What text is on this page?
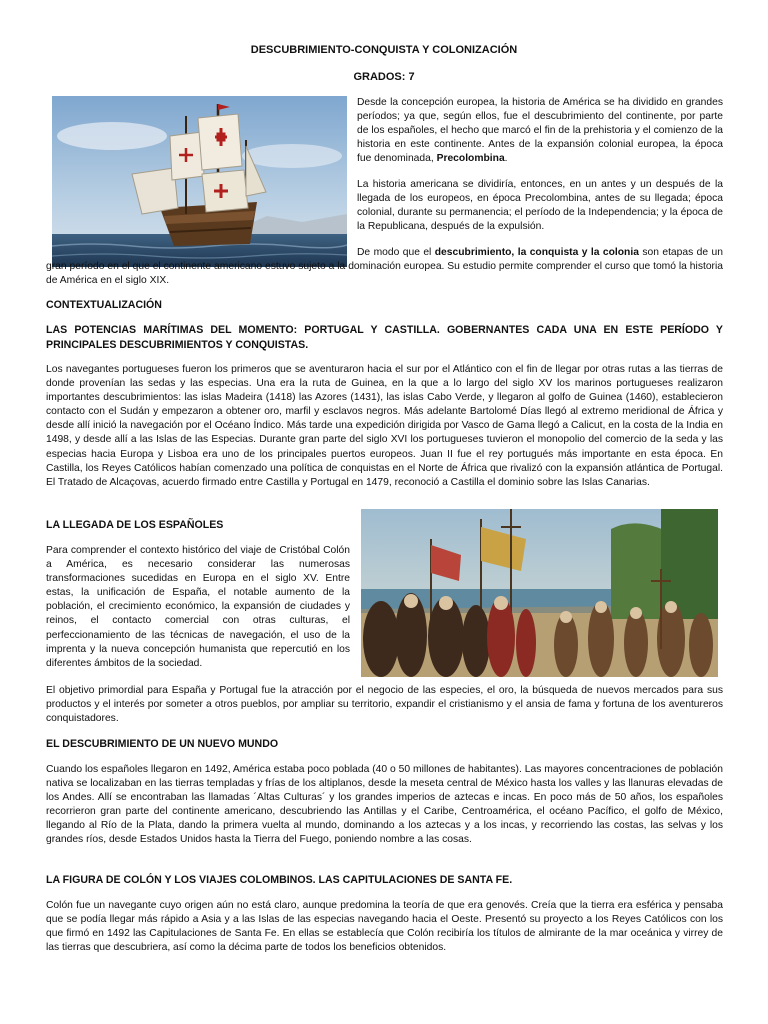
DESCUBRIMIENTO-CONQUISTA Y COLONIZACIÓN
GRADOS: 7

Desde la concepción europea, la historia de América se ha dividido en grandes períodos; ya que, según ellos, fue el descubrimiento del continente, por parte de los españoles, el hecho que marcó el fin de la prehistoria y el comienzo de la historia en este continente. Antes de la expansión colonial europea, la época fue denominada, Precolombina.

La historia americana se dividiría, entonces, en un antes y un después de la llegada de los europeos, en época Precolombina, antes de su llegada; época colonial, durante su permanencia; el período de la Independencia; y la época de la Republicana, después de la expulsión.

De modo que el descubrimiento, la conquista y la colonia son etapas de un gran período en el que el continente americano estuvo sujeto a la dominación europea. Su estudio permite comprender el curso que tomó la historia de América en el siglo XIX.

CONTEXTUALIZACIÓN
LAS POTENCIAS MARÍTIMAS DEL MOMENTO: PORTUGAL Y CASTILLA. GOBERNANTES CADA UNA EN ESTE PERÍODO Y PRINCIPALES DESCUBRIMIENTOS Y CONQUISTAS.

Los navegantes portugueses fueron los primeros que se aventuraron hacia el sur por el Atlántico con el fin de llegar por otras rutas a las tierras de donde provenían las sedas y las especias. Una era la ruta de Guinea, en la que a lo largo del siglo XV los marinos portugueses realizaron importantes descubrimientos: las islas Madeira (1418) las Azores (1431), las islas Cabo Verde, y llegaron al golfo de Guinea (1460), establecieron contacto con el Sudán y empezaron a obtener oro, marfil y esclavos negros. Más adelante Bartolomé Días llegó al extremo meridional de África y desde allí inició la navegación por el Océano Índico. Más tarde una expedición dirigida por Vasco de Gama llegó a Calicut, en la costa de la India en 1498, y desde allí a las Islas de las Especias. Durante gran parte del siglo XVI los portugueses tuvieron el monopolio del comercio de la seda y las especias hacia Europa y Lisboa era uno de los principales puertos europeos. Juan II fue el rey portugués más importante en esta época. En Castilla, los Reyes Católicos habían comenzado una política de conquistas en el Norte de África que rivalizó con la expansión atlántica de Portugal. El Tratado de Alcaçovas, acuerdo firmado entre Castilla y Portugal en 1479, reconoció a Castilla el dominio sobre las Islas Canarias.

LA LLEGADA DE LOS ESPAÑOLES

Para comprender el contexto histórico del viaje de Cristóbal Colón a América, es necesario considerar las numerosas transformaciones sucedidas en Europa en el siglo XV. Entre estas, la unificación de España, el notable aumento de la población, el crecimiento económico, la expansión de ciudades y reinos, el contacto comercial con otras culturas, el perfeccionamiento de las técnicas de navegación, el uso de la imprenta y la nueva concepción humanista que repercutió en los diferentes ámbitos de la sociedad.

El objetivo primordial para España y Portugal fue la atracción por el negocio de las especies, el oro, la búsqueda de nuevos mercados para sus productos y el interés por someter a otros pueblos, por ampliar su territorio, expandir el cristianismo y el ansia de fama y fortuna de los aventureros conquistadores.

EL DESCUBRIMIENTO DE UN NUEVO MUNDO

Cuando los españoles llegaron en 1492, América estaba poco poblada (40 o 50 millones de habitantes). Las mayores concentraciones de población nativa se localizaban en las tierras templadas y frías de los altiplanos, desde la meseta central de México hasta los valles y las llanuras elevadas de los Andes. Allí se encontraban las llamadas ´Altas Culturas´ y los grandes imperios de aztecas e incas. En poco más de 50 años, los españoles recorrieron gran parte del continente americano, descubriendo las Antillas y el Caribe, Centroamérica, el océano Pacífico, el golfo de México, llegando al Río de la Plata, dando la primera vuelta al mundo, dominando a los aztecas y a los incas, y recorriendo las costas, las selvas y los grandes ríos, desde Estados Unidos hasta la Tierra del Fuego, poniendo nombre a las cosas.

LA FIGURA DE COLÓN Y LOS VIAJES COLOMBINOS. LAS CAPITULACIONES DE SANTA FE.

Colón fue un navegante cuyo origen aún no está claro, aunque predomina la teoría de que era genovés. Creía que la tierra era esférica y pensaba que se podía llegar más rápido a Asia y a las Islas de las especias navegando hacia el Oeste. Presentó su proyecto a los Reyes Católicos con los que firmó en 1492 las Capitulaciones de Santa Fe. En ellas se establecía que Colón recibiría los títulos de almirante de la mar oceánica y virrey de las tierras que descubriera, así como la décima parte de todos los beneficios obtenidos.
